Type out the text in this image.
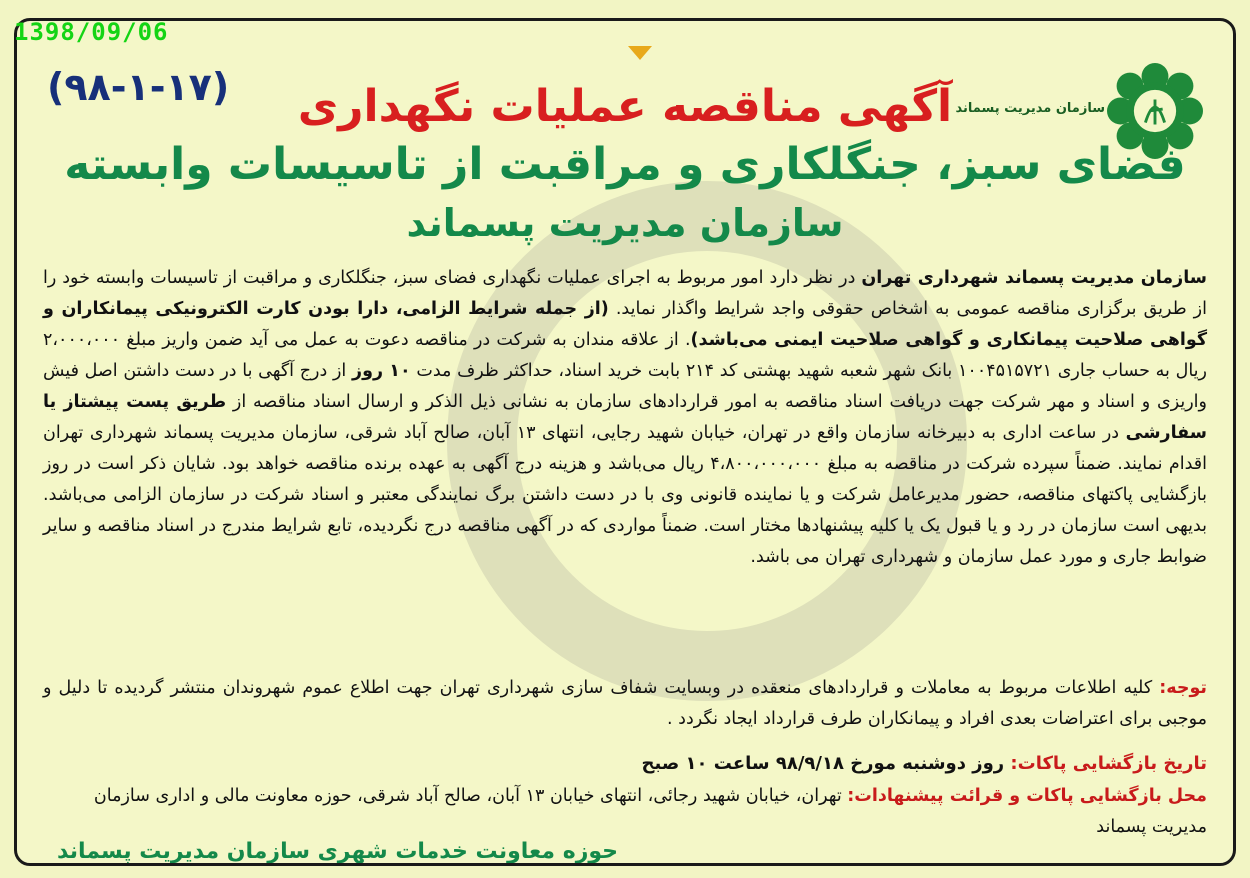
(۹۸-۱-۱۷)	سازمان مدیریت پسماند
آگهی مناقصه عملیات نگهداری
فضای سبز، جنگلکاری و مراقبت از تاسیسات وابسته
سازمان مدیریت پسماند
سازمان مدیریت پسماند شهرداری تهران در نظر دارد امور مربوط به اجرای عملیات نگهداری فضای سبز، جنگلکاری و مراقبت از تاسیسات وابسته خود را از طریق برگزاری مناقصه عمومی به اشخاص حقوقی واجد شرایط واگذار نماید. (از جمله شرایط الزامی، دارا بودن کارت الکترونیکی پیمانکاران و گواهی صلاحیت پیمانکاری و گواهی صلاحیت ایمنی می‌باشد). از علاقه مندان به شرکت در مناقصه دعوت به عمل می آید ضمن واریز مبلغ ۲،۰۰۰،۰۰۰ ریال به حساب جاری ۱۰۰۴۵۱۵۷۲۱ بانک شهر شعبه شهید بهشتی کد ۲۱۴ بابت خرید اسناد، حداکثر ظرف مدت ۱۰ روز از درج آگهی با در دست داشتن اصل فیش واریزی و اسناد و مهر شرکت جهت دریافت اسناد مناقصه به امور قراردادهای سازمان به نشانی ذیل الذکر و ارسال اسناد مناقصه از طریق پست پیشتاز یا سفارشی در ساعت اداری به دبیرخانه سازمان واقع در تهران، خیابان شهید رجایی، انتهای ۱۳ آبان، صالح آباد شرقی، سازمان مدیریت پسماند شهرداری تهران اقدام نمایند. ضمناً سپرده شرکت در مناقصه به مبلغ ۴،۸۰۰،۰۰۰،۰۰۰ ریال می‌باشد و هزینه درج آگهی به عهده برنده مناقصه خواهد بود. شایان ذکر است در روز بازگشایی پاکتهای مناقصه، حضور مدیرعامل شرکت و یا نماینده قانونی وی با در دست داشتن برگ نمایندگی معتبر و اسناد شرکت در سازمان الزامی می‌باشد. بدیهی است سازمان در رد و یا قبول یک یا کلیه پیشنهادها مختار است. ضمناً مواردی که در آگهی مناقصه درج نگردیده، تابع شرایط مندرج در اسناد مناقصه و سایر ضوابط جاری و مورد عمل سازمان و شهرداری تهران می باشد.
توجه: کلیه اطلاعات مربوط به معاملات و قراردادهای منعقده در وبسایت شفاف سازی شهرداری تهران جهت اطلاع عموم شهروندان منتشر گردیده تا دلیل و موجبی برای اعتراضات بعدی افراد و پیمانکاران طرف قرارداد ایجاد نگردد .
تاریخ بازگشایی پاکات: روز دوشنبه مورخ ۹۸/۹/۱۸ ساعت ۱۰ صبح
محل بازگشایی پاکات و قرائت پیشنهادات: تهران، خیابان شهید رجائی، انتهای خیابان ۱۳ آبان، صالح آباد شرقی، حوزه معاونت مالی و اداری سازمان مدیریت پسماند
حوزه معاونت خدمات شهری سازمان مدیریت پسماند
1398/09/06
